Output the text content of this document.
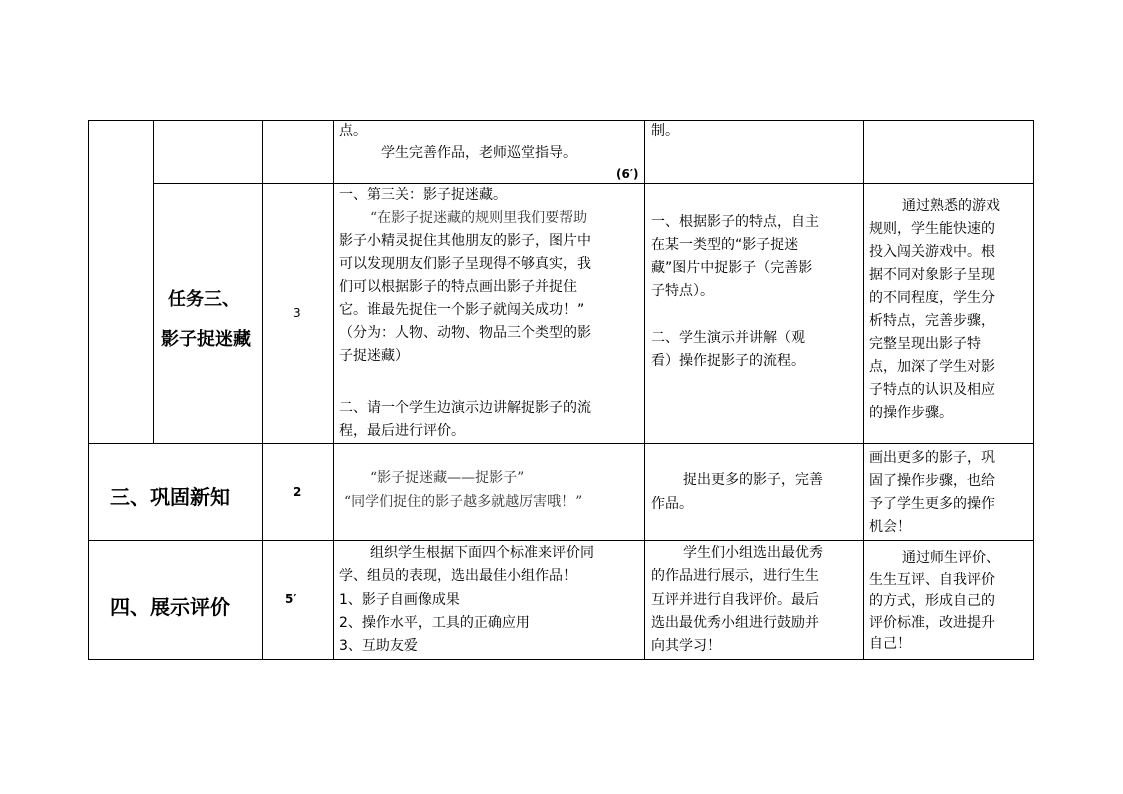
点。
学生完善作品，老师巡堂指导。
(6′)
制。
任务三、
影子捉迷藏
3
一、第三关：影子捉迷藏。
“在影子捉迷藏的规则里我们要帮助
影子小精灵捉住其他朋友的影子，图片中
可以发现朋友们影子呈现得不够真实，我
们可以根据影子的特点画出影子并捉住
它。谁最先捉住一个影子就闯关成功！”
（分为：人物、动物、物品三个类型的影
子捉迷藏）
二、请一个学生边演示边讲解捉影子的流
程，最后进行评价。
一、根据影子的特点，自主
在某一类型的“影子捉迷
藏”图片中捉影子（完善影
子特点）。
二、学生演示并讲解（观
看）操作捉影子的流程。
通过熟悉的游戏
规则，学生能快速的
投入闯关游戏中。根
据不同对象影子呈现
的不同程度，学生分
析特点，完善步骤，
完整呈现出影子特
点，加深了学生对影
子特点的认识及相应
的操作步骤。
三、巩固新知	2
“影子捉迷藏——捉影子”
“同学们捉住的影子越多就越厉害哦！”
捉出更多的影子，完善
作品。
画出更多的影子，巩
固了操作步骤，也给
予了学生更多的操作
机会！
四、展示评价	5′
组织学生根据下面四个标准来评价同
学、组员的表现，选出最佳小组作品！
1、影子自画像成果
2、操作水平，工具的正确应用
3、互助友爱
学生们小组选出最优秀
的作品进行展示，进行生生
互评并进行自我评价。最后
选出最优秀小组进行鼓励并
向其学习！
通过师生评价、
生生互评、自我评价
的方式，形成自己的
评价标准，改进提升
自己！
